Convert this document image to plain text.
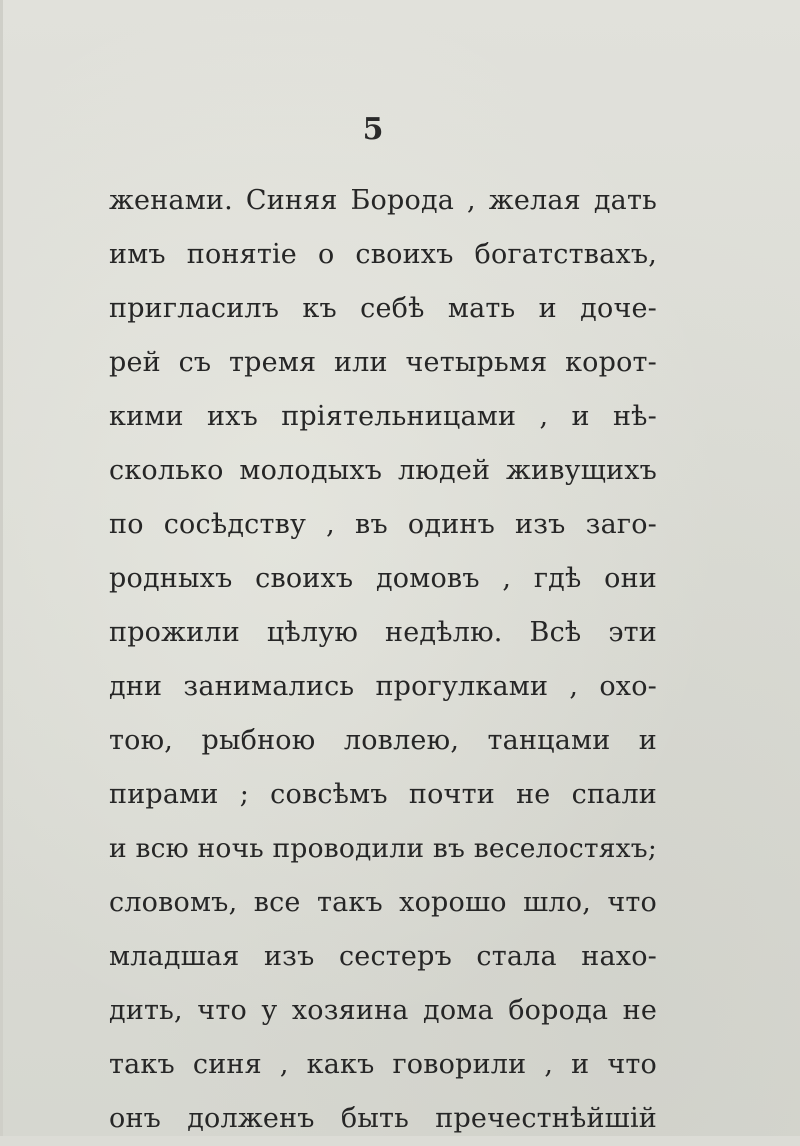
5
женами. Синяя Борода , желая дать
имъ понятіе о своихъ богатствахъ,
пригласилъ къ себѣ мать и доче-
рей съ тремя или четырьмя корот-
кими ихъ пріятельницами , и нѣ-
сколько молодыхъ людей живущихъ
по сосѣдству , въ одинъ изъ заго-
родныхъ своихъ домовъ , гдѣ они
прожили цѣлую недѣлю. Всѣ эти
дни занимались прогулками , охо-
тою, рыбною ловлею, танцами и
пирами ; совсѣмъ почти не спали
и всю ночь проводили въ веселостяхъ;
словомъ, все такъ хорошо шло, что
младшая изъ сестеръ стала нахо-
дить, что у хозяина дома борода не
такъ синя , какъ говорили , и что
онъ долженъ быть пречестнѣйшій
